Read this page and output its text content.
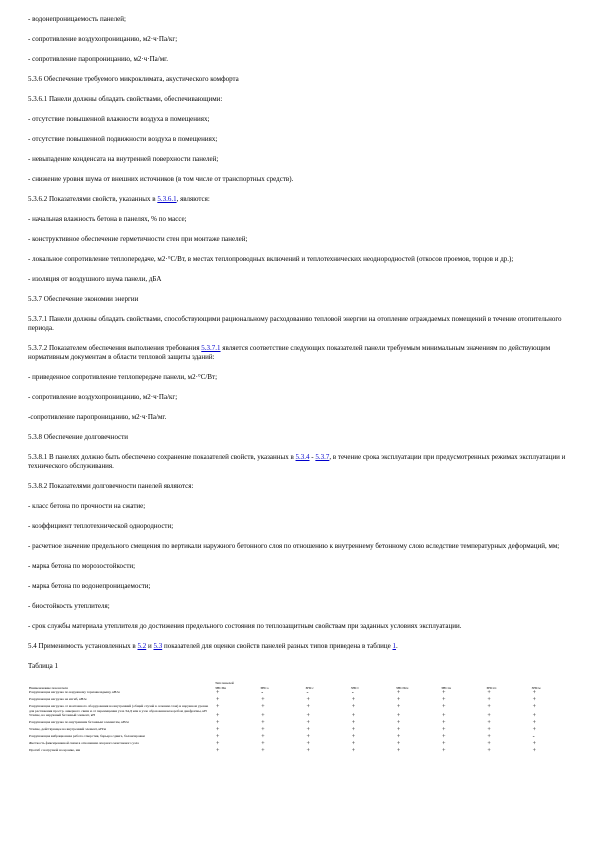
- водонепроницаемость панелей;
- сопротивление воздухопроницанию, м2·ч·Па/кг;
- сопротивление паропроницанию, м2·ч·Па/мг.
5.3.6 Обеспечение требуемого микроклимата, акустического комфорта
5.3.6.1 Панели должны обладать свойствами, обеспечивающими:
- отсутствие повышенной влажности воздуха в помещениях;
- отсутствие повышенной подвижности воздуха в помещениях;
- невыпадение конденсата на внутренней поверхности панелей;
- снижение уровня шума от внешних источников (в том числе от транспортных средств).
5.3.6.2 Показателями свойств, указанных в 5.3.6.1, являются:
- начальная влажность бетона в панелях, % по массе;
- конструктивное обеспечение герметичности стен при монтаже панелей;
- локальное сопротивление теплопередаче, м2·°С/Вт, в местах теплопроводных включений и теплотехнических неоднородностей (откосов проемов, торцов и др.);
- изоляция от воздушного шума панели, дБА
5.3.7 Обеспечение экономии энергии
5.3.7.1 Панели должны обладать свойствами, способствующими рациональному расходованию тепловой энергии на отопление ограждаемых помещений в течение отопительного периода.
5.3.7.2 Показателем обеспечения выполнения требования 5.3.7.1 является соответствие следующих показателей панели требуемым минимальным значениям по действующим нормативным документам в области тепловой защиты зданий:
- приведенное сопротивление теплопередаче панели, м2·°С/Вт;
- сопротивление воздухопроницанию, м2·ч·Па/кг;
-сопротивление паропроницанию, м2·ч·Па/мг.
5.3.8 Обеспечение долговечности
5.3.8.1 В панелях должно быть обеспечено сохранение показателей свойств, указанных в 5.3.4 - 5.3.7, в течение срока эксплуатации при предусмотренных режимах эксплуатации и технического обслуживания.
5.3.8.2 Показателями долговечности панелей являются:
- класс бетона по прочности на сжатие;
- коэффициент теплотехнической однородности;
- расчетное значение предельного смещения по вертикали наружного бетонного слоя по отношению к внутреннему бетонному слою вследствие температурных деформаций, мм;
- марка бетона по морозостойкости;
- марка бетона по водонепроницаемости;
- биостойкость утеплителя;
- срок службы материала утеплителя до достижения предельного состояния по теплозащитным свойствам при заданных условиях эксплуатации.
5.4 Применимость установленных в 5.2 и 5.3 показателей для оценки свойств панелей разных типов приведена в таблице 1.
Таблица 1
Наименование показателя	Тип панелей							
	ЗНСПн	ЗНСо	ЗНСс	ЗНСт	ЗНСПгн	ЗНСгн	ЗНСгп	ЗНСм
Разрушающая нагрузка по наружному термовкладышу, кН/м	+	-	-	-	+	+	+	+
Разрушающая нагрузка на изгиб, кН/м	+	+	+	+	+	+	+	+
Разрушающая нагрузка от монтажного оборудования на внутренний (общий случай в сечении слоя) и наружном уровне для растяжения простр. анкерного связи и от перемещения узла ЗАД или в узле образованном коробом диафрагмы, кН	+	+	+	+	+	+	+	+
Усилие, на наружный бетонный элемент, кН	+	+	+	+	+	+	+	+
Разрушающая нагрузка по внутренним бетонным элементам, кН/м	+	+	+	+	+	+	+	+
Усилие, действующее на внутренний элемент, кН/м	+	+	+	+	+	+	+	+
Разрушающая вибрационная работа отверстия, барьера сдвига, балансировки	+	+	+	+	+	+	+	-
Жесткость фиксированной связи в отношении опорного монтажного узла	+	+	+	+	+	+	+	+
Прогиб с нагрузкой на кромке, мм	+	+	+	+	+	+	+	+
